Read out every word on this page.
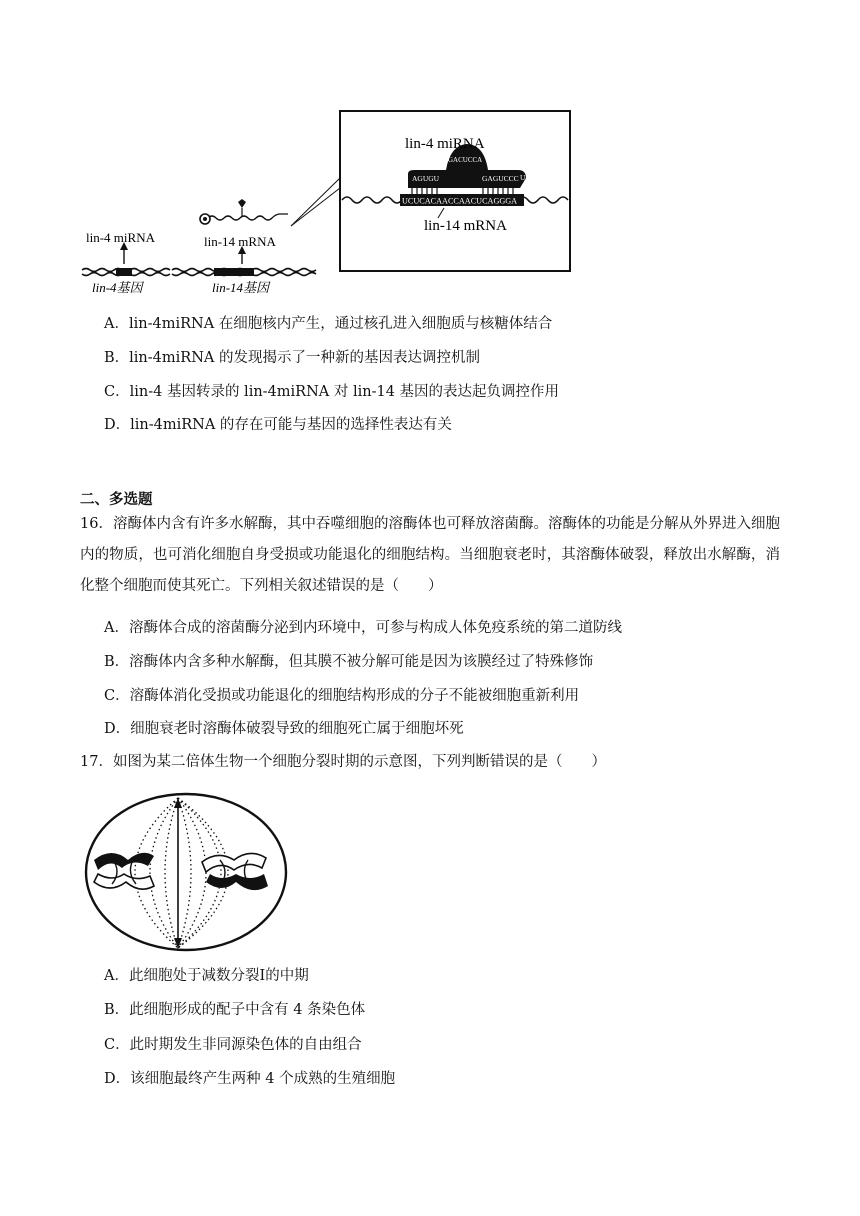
lin-4 miRNA	lin-14 mRNA
lin-4基因	lin-14基因
UCUCACAACCAACUCAGGGA
AGUGU
GACUCCA
GAGUCCC U
lin-4 miRNA
lin-14 mRNA
A．lin-4miRNA 在细胞核内产生，通过核孔进入细胞质与核糖体结合
B．lin-4miRNA 的发现揭示了一种新的基因表达调控机制
C．lin-4 基因转录的 lin-4miRNA 对 lin-14 基因的表达起负调控作用
D．lin-4miRNA 的存在可能与基因的选择性表达有关
二、多选题
16．溶酶体内含有许多水解酶，其中吞噬细胞的溶酶体也可释放溶菌酶。溶酶体的功能是分解从外界进入细胞内的物质，也可消化细胞自身受损或功能退化的细胞结构。当细胞衰老时，其溶酶体破裂，释放出水解酶，消化整个细胞而使其死亡。下列相关叙述错误的是（　　）
A．溶酶体合成的溶菌酶分泌到内环境中，可参与构成人体免疫系统的第二道防线
B．溶酶体内含多种水解酶，但其膜不被分解可能是因为该膜经过了特殊修饰
C．溶酶体消化受损或功能退化的细胞结构形成的分子不能被细胞重新利用
D．细胞衰老时溶酶体破裂导致的细胞死亡属于细胞坏死
17．如图为某二倍体生物一个细胞分裂时期的示意图，下列判断错误的是（　　）
A．此细胞处于减数分裂Ⅰ的中期
B．此细胞形成的配子中含有 4 条染色体
C．此时期发生非同源染色体的自由组合
D．该细胞最终产生两种 4 个成熟的生殖细胞
